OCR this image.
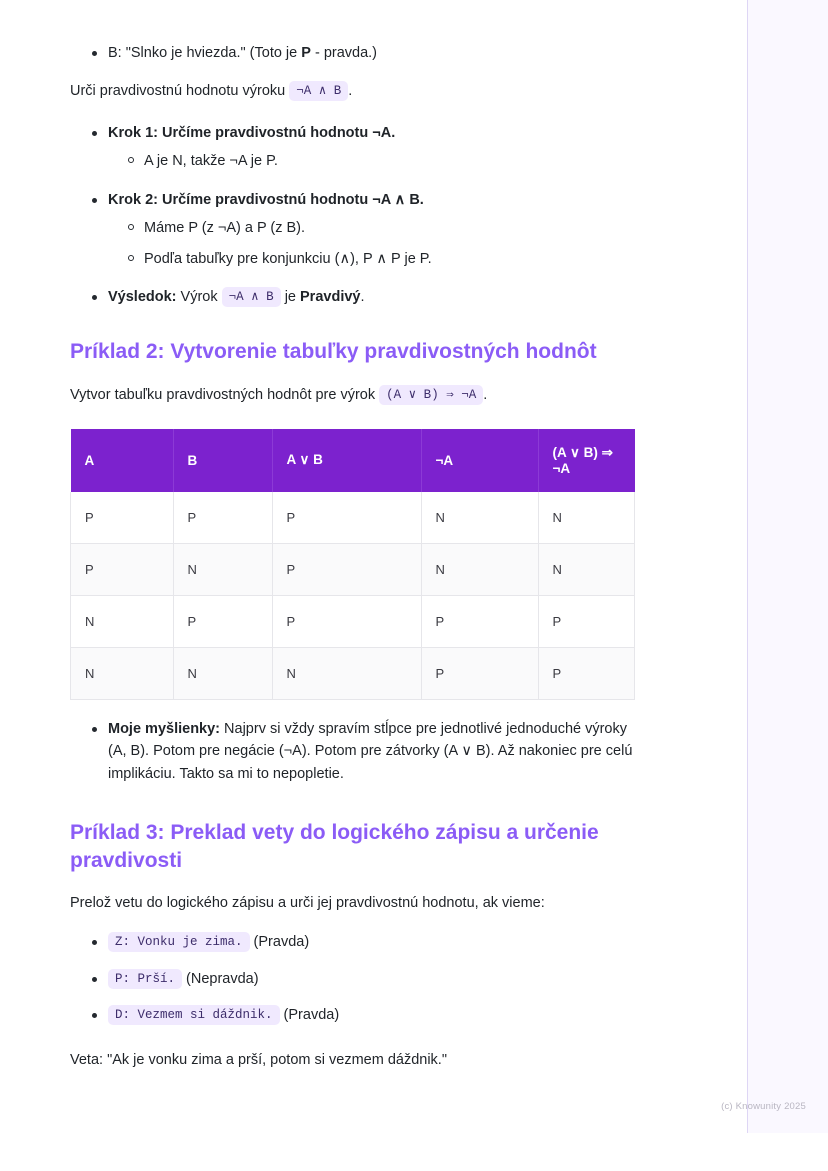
(c) Knowunity 2025
B: "Slnko je hviezda." (Toto je P - pravda.)

Urči pravdivostnú hodnotu výroku ¬A ∧ B .

Krok 1: Určíme pravdivostnú hodnotu ¬A.
A je N, takže ¬A je P.
Krok 2: Určíme pravdivostnú hodnotu ¬A ∧ B.
Máme P (z ¬A) a P (z B).
Podľa tabuľky pre konjunkciu (∧), P ∧ P je P.
Výsledok: Výrok ¬A ∧ B je Pravdivý.
Príklad 2: Vytvorenie tabuľky pravdivostných hodnôt

Vytvor tabuľku pravdivostných hodnôt pre výrok (A ∨ B) ⇒ ¬A .

A	B	A ∨ B	¬A	(A ∨ B) ⇒ ¬A
P	P	P	N	N
P	N	P	N	N
N	P	P	P	P
N	N	N	P	P
Moje myšlienky: Najprv si vždy spravím stĺpce pre jednotlivé jednoduché výroky (A, B). Potom pre negácie (¬A). Potom pre zátvorky (A ∨ B). Až nakoniec pre celú implikáciu. Takto sa mi to nepopletie.
Príklad 3: Preklad vety do logického zápisu a určenie pravdivosti

Prelož vetu do logického zápisu a urči jej pravdivostnú hodnotu, ak vieme:

Z: Vonku je zima. (Pravda)
P: Prší. (Nepravda)
D: Vezmem si dáždnik. (Pravda)

Veta: "Ak je vonku zima a prší, potom si vezmem dáždnik."
